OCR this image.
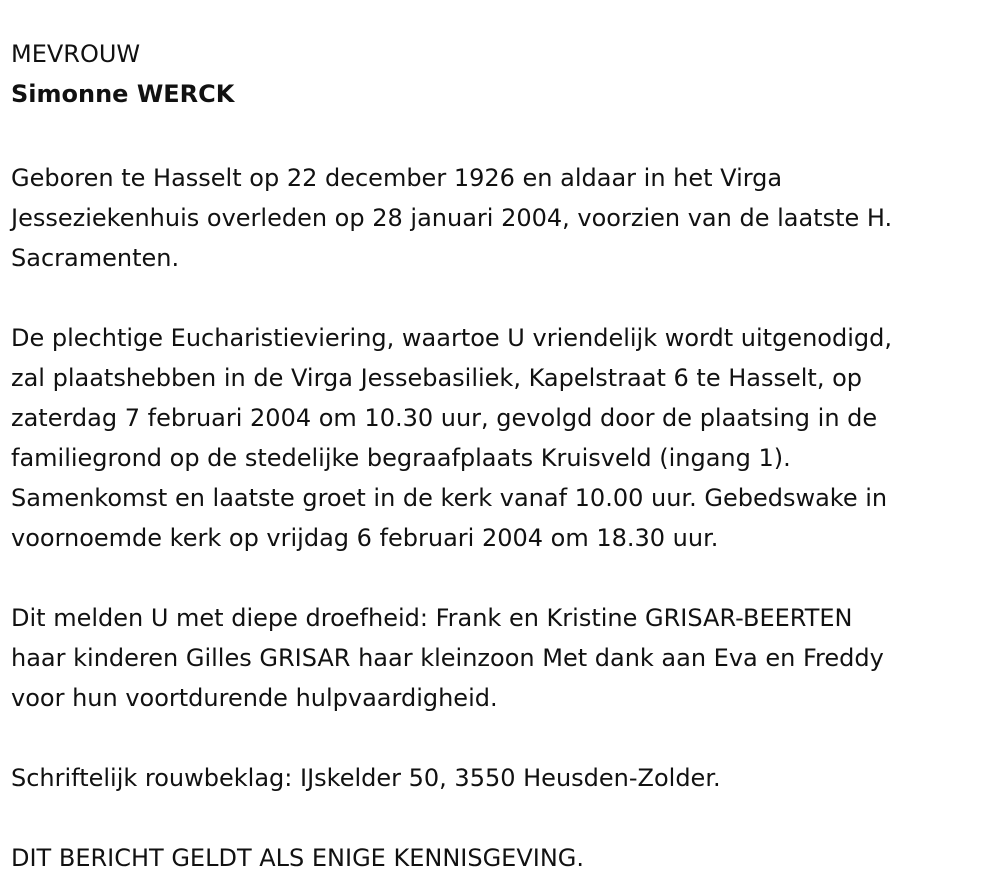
MEVROUW
Simonne WERCK
Geboren te Hasselt op 22 december 1926 en aldaar in het Virga
Jesseziekenhuis overleden op 28 januari 2004, voorzien van de laatste H.
Sacramenten.
De plechtige Eucharistieviering, waartoe U vriendelijk wordt uitgenodigd,
zal plaatshebben in de Virga Jessebasiliek, Kapelstraat 6 te Hasselt, op
zaterdag 7 februari 2004 om 10.30 uur, gevolgd door de plaatsing in de
familiegrond op de stedelijke begraafplaats Kruisveld (ingang 1).
Samenkomst en laatste groet in de kerk vanaf 10.00 uur. Gebedswake in
voornoemde kerk op vrijdag 6 februari 2004 om 18.30 uur.
Dit melden U met diepe droefheid: Frank en Kristine GRISAR-BEERTEN
haar kinderen Gilles GRISAR haar kleinzoon Met dank aan Eva en Freddy
voor hun voortdurende hulpvaardigheid.
Schriftelijk rouwbeklag: IJskelder 50, 3550 Heusden-Zolder.
DIT BERICHT GELDT ALS ENIGE KENNISGEVING.
